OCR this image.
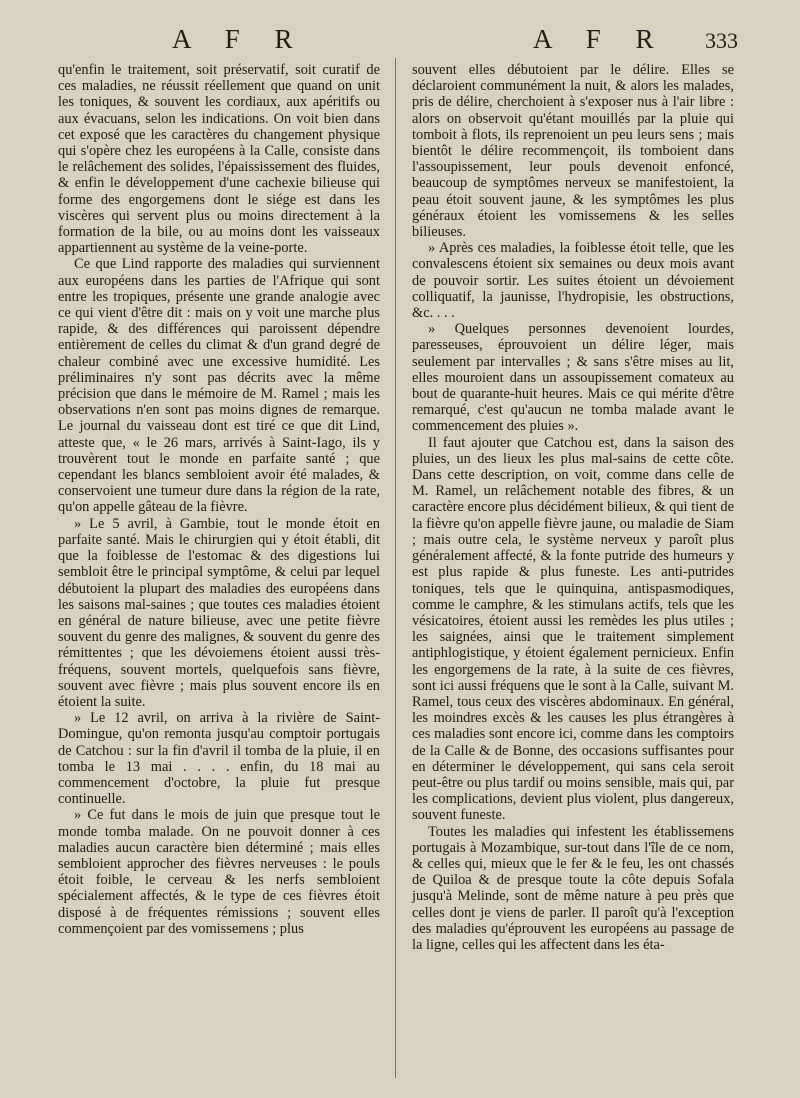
A F R	A F R 333

qu'enfin le traitement, soit préservatif, soit curatif de ces maladies, ne réussit réellement que quand on unit les toniques, & souvent les cordiaux, aux apéritifs ou aux évacuans, selon les indications. On voit bien dans cet exposé que les caractères du changement physique qui s'opère chez les européens à la Calle, consiste dans le relâchement des solides, l'épaississement des fluides, & enfin le développement d'une cachexie bilieuse qui forme des engorgemens dont le siége est dans les viscères qui servent plus ou moins directement à la formation de la bile, ou au moins dont les vaisseaux appartiennent au système de la veine-porte.

Ce que Lind rapporte des maladies qui surviennent aux européens dans les parties de l'Afrique qui sont entre les tropiques, présente une grande analogie avec ce qui vient d'être dit : mais on y voit une marche plus rapide, & des différences qui paroissent dépendre entièrement de celles du climat & d'un grand degré de chaleur combiné avec une excessive humidité. Les préliminaires n'y sont pas décrits avec la même précision que dans le mémoire de M. Ramel ; mais les observations n'en sont pas moins dignes de remarque. Le journal du vaisseau dont est tiré ce que dit Lind, atteste que, « le 26 mars, arrivés à Saint-Iago, ils y trouvèrent tout le monde en parfaite santé ; que cependant les blancs sembloient avoir été malades, & conservoient une tumeur dure dans la région de la rate, qu'on appelle gâteau de la fièvre.

» Le 5 avril, à Gambie, tout le monde étoit en parfaite santé. Mais le chirurgien qui y étoit établi, dit que la foiblesse de l'estomac & des digestions lui sembloit être le principal symptôme, & celui par lequel débutoient la plupart des maladies des européens dans les saisons mal-saines ; que toutes ces maladies étoient en général de nature bilieuse, avec une petite fièvre souvent du genre des malignes, & souvent du genre des rémittentes ; que les dévoiemens étoient aussi très-fréquens, souvent mortels, quelquefois sans fièvre, souvent avec fièvre ; mais plus souvent encore ils en étoient la suite.

» Le 12 avril, on arriva à la rivière de Saint-Domingue, qu'on remonta jusqu'au comptoir portugais de Catchou : sur la fin d'avril il tomba de la pluie, il en tomba le 13 mai . . . . enfin, du 18 mai au commencement d'octobre, la pluie fut presque continuelle.

» Ce fut dans le mois de juin que presque tout le monde tomba malade. On ne pouvoit donner à ces maladies aucun caractère bien déterminé ; mais elles sembloient approcher des fièvres nerveuses : le pouls étoit foible, le cerveau & les nerfs sembloient spécialement affectés, & le type de ces fièvres étoit disposé à de fréquentes rémissions ; souvent elles commençoient par des vomissemens ; plus

souvent elles débutoient par le délire. Elles se déclaroient communément la nuit, & alors les malades, pris de délire, cherchoient à s'exposer nus à l'air libre : alors on observoit qu'étant mouillés par la pluie qui tomboit à flots, ils reprenoient un peu leurs sens ; mais bientôt le délire recommençoit, ils tomboient dans l'assoupissement, leur pouls devenoit enfoncé, beaucoup de symptômes nerveux se manifestoient, la peau étoit souvent jaune, & les symptômes les plus généraux étoient les vomissemens & les selles bilieuses.

» Après ces maladies, la foiblesse étoit telle, que les convalescens étoient six semaines ou deux mois avant de pouvoir sortir. Les suites étoient un dévoiement colliquatif, la jaunisse, l'hydropisie, les obstructions, &c. . . .

» Quelques personnes devenoient lourdes, paresseuses, éprouvoient un délire léger, mais seulement par intervalles ; & sans s'être mises au lit, elles mouroient dans un assoupissement comateux au bout de quarante-huit heures. Mais ce qui mérite d'être remarqué, c'est qu'aucun ne tomba malade avant le commencement des pluies ».

Il faut ajouter que Catchou est, dans la saison des pluies, un des lieux les plus mal-sains de cette côte. Dans cette description, on voit, comme dans celle de M. Ramel, un relâchement notable des fibres, & un caractère encore plus décidément bilieux, & qui tient de la fièvre qu'on appelle fièvre jaune, ou maladie de Siam ; mais outre cela, le système nerveux y paroît plus généralement affecté, & la fonte putride des humeurs y est plus rapide & plus funeste. Les anti-putrides toniques, tels que le quinquina, antispasmodiques, comme le camphre, & les stimulans actifs, tels que les vésicatoires, étoient aussi les remèdes les plus utiles ; les saignées, ainsi que le traitement simplement antiphlogistique, y étoient également pernicieux. Enfin les engorgemens de la rate, à la suite de ces fièvres, sont ici aussi fréquens que le sont à la Calle, suivant M. Ramel, tous ceux des viscères abdominaux. En général, les moindres excès & les causes les plus étrangères à ces maladies sont encore ici, comme dans les comptoirs de la Calle & de Bonne, des occasions suffisantes pour en déterminer le développement, qui sans cela seroit peut-être ou plus tardif ou moins sensible, mais qui, par les complications, devient plus violent, plus dangereux, souvent funeste.

Toutes les maladies qui infestent les établissemens portugais à Mozambique, sur-tout dans l'île de ce nom, & celles qui, mieux que le fer & le feu, les ont chassés de Quiloa & de presque toute la côte depuis Sofala jusqu'à Melinde, sont de même nature à peu près que celles dont je viens de parler. Il paroît qu'à l'exception des maladies qu'éprouvent les européens au passage de la ligne, celles qui les affectent dans les éta-
